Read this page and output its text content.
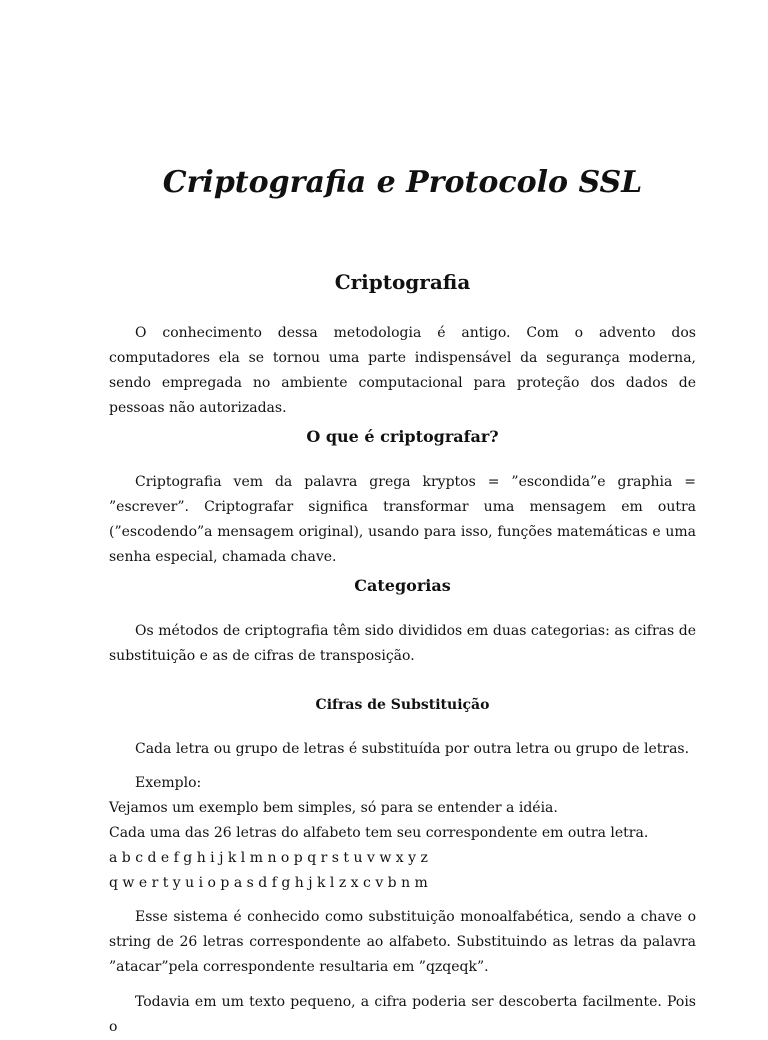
Criptografia e Protocolo SSL
Criptografia

O conhecimento dessa metodologia é antigo. Com o advento dos computadores ela se tornou uma parte indispensável da segurança moderna, sendo empregada no ambiente computacional para proteção dos dados de pessoas não autorizadas.

O que é criptografar?

Criptografia vem da palavra grega kryptos = ”escondida”e graphia = ”escrever”. Criptografar significa transformar uma mensagem em outra (”escodendo”a mensagem original), usando para isso, funções matemáticas e uma senha especial, chamada chave.

Categorias

Os métodos de criptografia têm sido divididos em duas categorias: as cifras de substituição e as de cifras de transposição.

Cifras de Substituição

Cada letra ou grupo de letras é substituída por outra letra ou grupo de letras.

Exemplo:

Vejamos um exemplo bem simples, só para se entender a idéia.

Cada uma das 26 letras do alfabeto tem seu correspondente em outra letra.

a b c d e f g h i j k l m n o p q r s t u v w x y z

q w e r t y u i o p a s d f g h j k l z x c v b n m

Esse sistema é conhecido como substituição monoalfabética, sendo a chave o string de 26 letras correspondente ao alfabeto. Substituindo as letras da palavra ”atacar”pela correspondente resultaria em ”qzqeqk”.

Todavia em um texto pequeno, a cifra poderia ser descoberta facilmente. Pois o
